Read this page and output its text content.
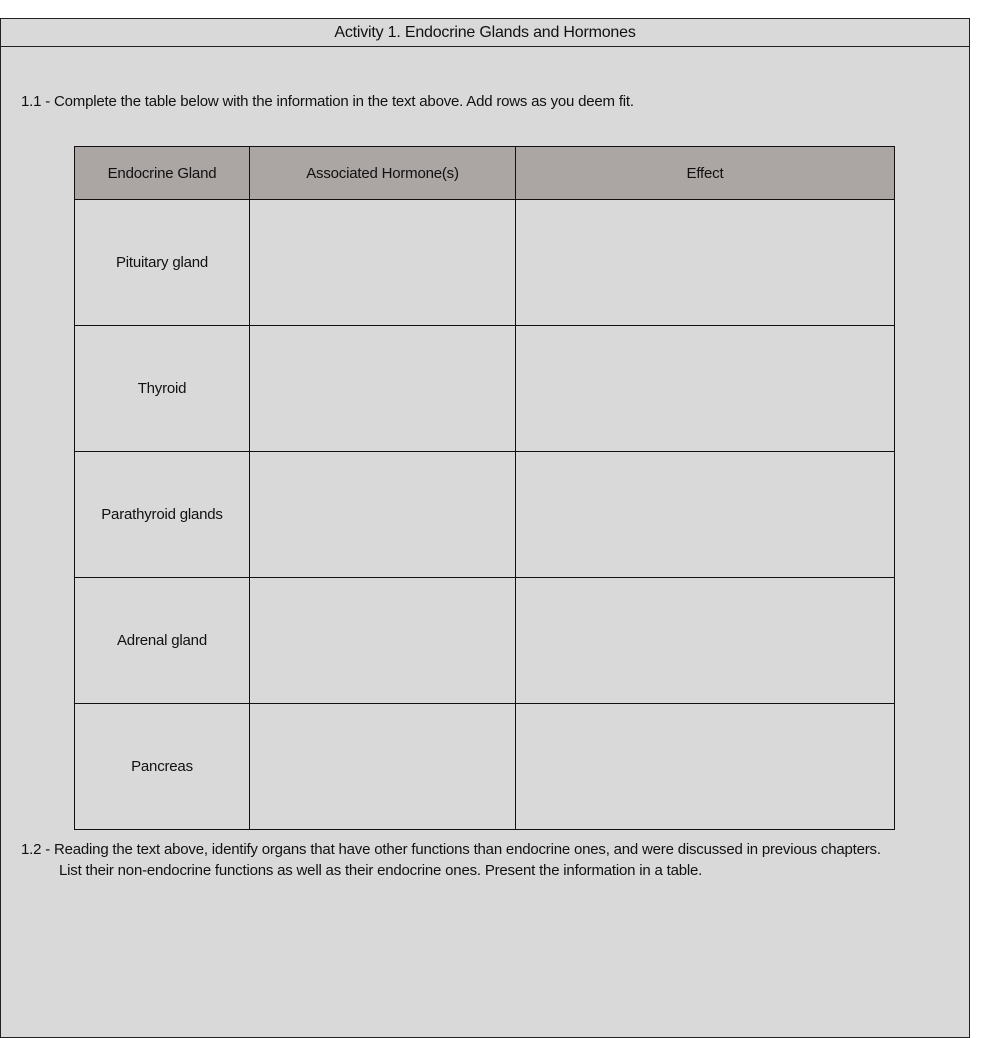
Activity 1. Endocrine Glands and Hormones
1.1 - Complete the table below with the information in the text above. Add rows as you deem fit.
Endocrine Gland	Associated Hormone(s)	Effect
Pituitary gland		
Thyroid		
Parathyroid glands		
Adrenal gland		
Pancreas		
1.2 - Reading the text above, identify organs that have other functions than endocrine ones, and were discussed in previous chapters.
List their non-endocrine functions as well as their endocrine ones. Present the information in a table.
